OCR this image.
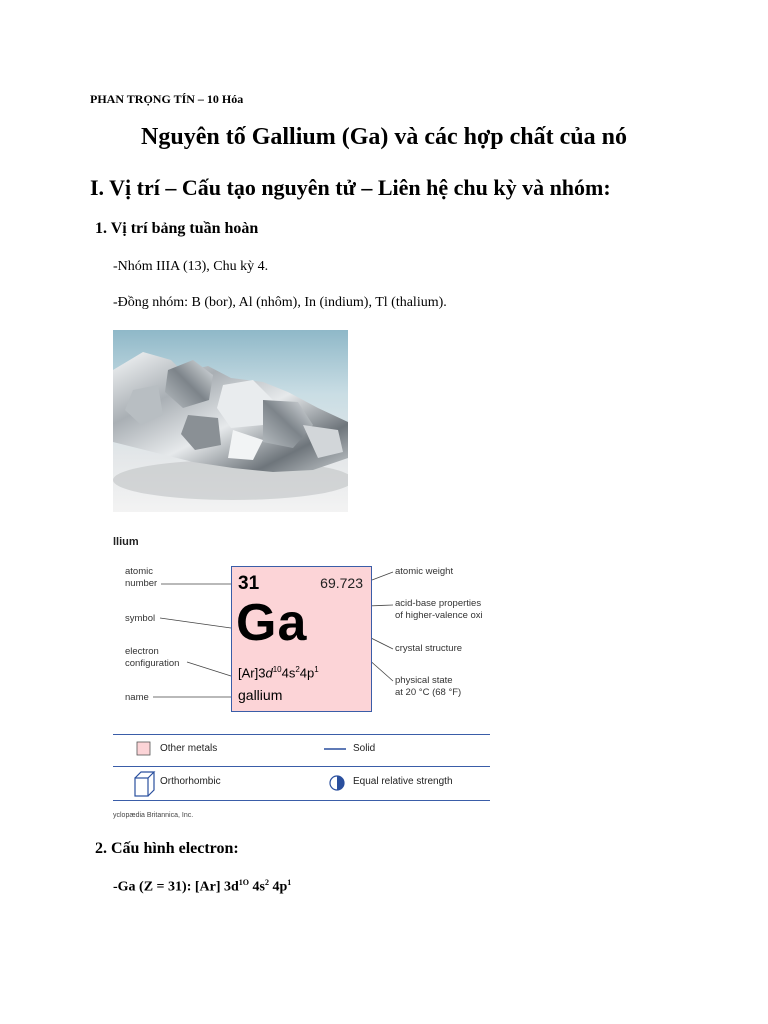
PHAN TRỌNG TÍN – 10 Hóa
Nguyên tố Gallium (Ga) và các hợp chất của nó
I. Vị trí – Cấu tạo nguyên tử – Liên hệ chu kỳ và nhóm:
1. Vị trí bảng tuần hoàn
-Nhóm IIIA (13), Chu kỳ 4.
-Đồng nhóm: B (bor), Al (nhôm), In (indium), Tl (thalium).
llium
atomic
number
symbol
electron
configuration
name
atomic weight
acid-base properties
of higher-valence oxi
crystal structure
physical state
at 20 °C (68 °F)
31	69.723
Ga
$[Ar]3d^{10}4s^24p^1$
gallium
Other metals	Solid
Orthorhombic	Equal relative strength
yclopædia Britannica, Inc.
2. Cấu hình electron:
-Ga (Z = 31): [Ar] $3d^{1O}$ $4s^2$ $4p^1$
